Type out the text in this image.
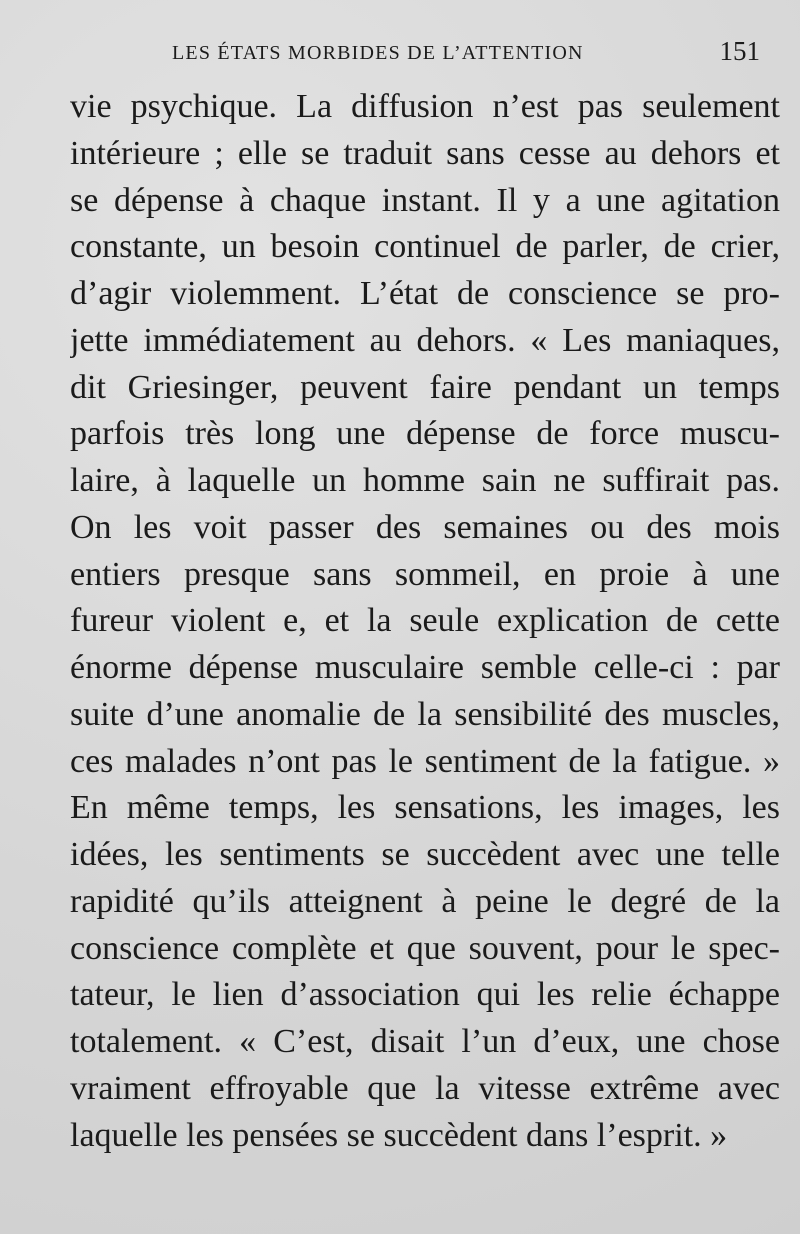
LES ÉTATS MORBIDES DE L’ATTENTION	151
vie psychique. La diffusion n’est pas seulement
intérieure ; elle se traduit sans cesse au dehors et
se dépense à chaque instant. Il y a une agitation
constante, un besoin continuel de parler, de crier,
d’agir violemment. L’état de conscience se pro-
jette immédiatement au dehors. « Les maniaques,
dit Griesinger, peuvent faire pendant un temps
parfois très long une dépense de force muscu-
laire, à laquelle un homme sain ne suffirait pas.
On les voit passer des semaines ou des mois
entiers presque sans sommeil, en proie à une
fureur violent e, et la seule explication de cette
énorme dépense musculaire semble celle-ci : par
suite d’une anomalie de la sensibilité des muscles,
ces malades n’ont pas le sentiment de la fatigue. »
En même temps, les sensations, les images, les
idées, les sentiments se succèdent avec une telle
rapidité qu’ils atteignent à peine le degré de la
conscience complète et que souvent, pour le spec-
tateur, le lien d’association qui les relie échappe
totalement. « C’est, disait l’un d’eux, une chose
vraiment effroyable que la vitesse extrême avec
laquelle les pensées se succèdent dans l’esprit. »
